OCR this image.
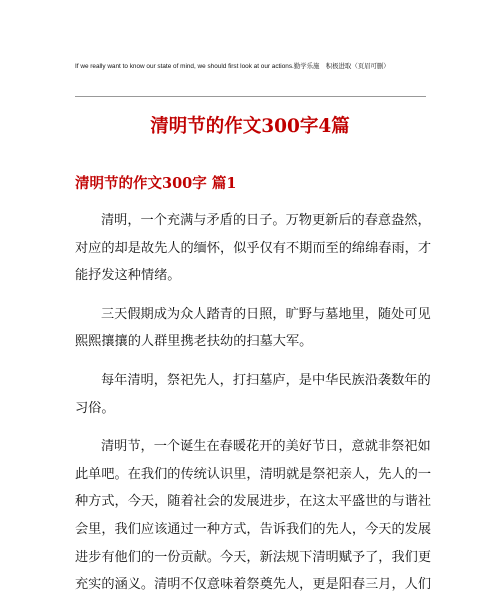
If we really want to know our state of mind, we should first look at our actions.勤学乐施　积极进取（页眉可删）
清明节的作文300字4篇
清明节的作文300字 篇1
清明，一个充满与矛盾的日子。万物更新后的春意盎然，
对应的却是故先人的缅怀，似乎仅有不期而至的绵绵春雨，才
能抒发这种情绪。
三天假期成为众人踏青的日照，旷野与墓地里，随处可见
熙熙攘攘的人群里携老扶幼的扫墓大军。
每年清明，祭祀先人，打扫墓庐，是中华民族沿袭数年的
习俗。
清明节，一个诞生在春暖花开的美好节日，意就非祭祀如
此单吧。在我们的传统认识里，清明就是祭祀亲人，先人的一
种方式，今天，随着社会的发展进步，在这太平盛世的与谐社
会里，我们应该通过一种方式，告诉我们的先人，今天的发展
进步有他们的一份贡献。今天，新法规下清明赋予了，我们更
充实的涵义。清明不仅意味着祭奠先人，更是阳春三月，人们
